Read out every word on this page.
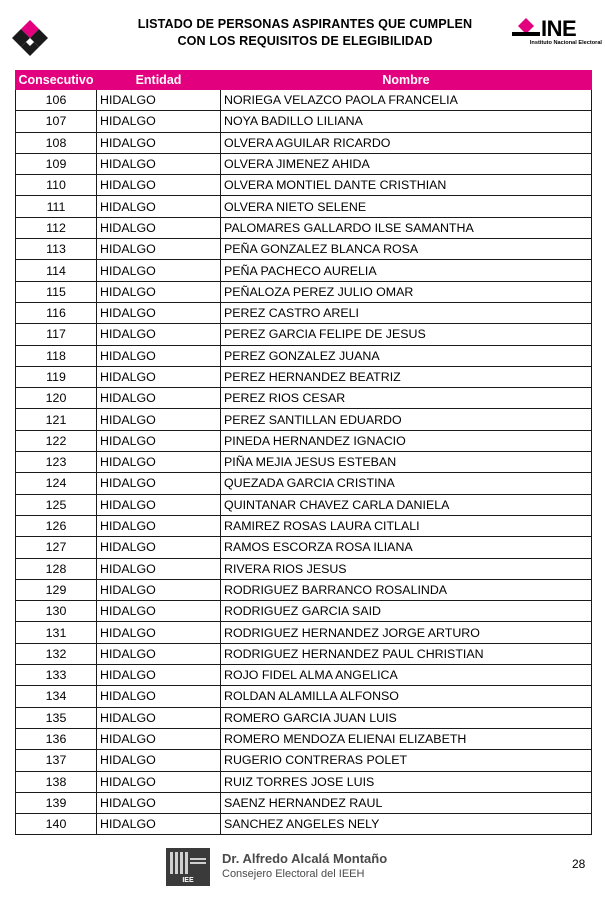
LISTADO DE PERSONAS ASPIRANTES QUE CUMPLEN
CON LOS REQUISITOS DE ELEGIBILIDAD	INE
Instituto Nacional Electoral
Consecutivo	Entidad	Nombre
106	HIDALGO	NORIEGA VELAZCO PAOLA FRANCELIA
107	HIDALGO	NOYA BADILLO LILIANA
108	HIDALGO	OLVERA AGUILAR RICARDO
109	HIDALGO	OLVERA JIMENEZ AHIDA
110	HIDALGO	OLVERA MONTIEL DANTE CRISTHIAN
111	HIDALGO	OLVERA NIETO SELENE
112	HIDALGO	PALOMARES GALLARDO ILSE SAMANTHA
113	HIDALGO	PEÑA GONZALEZ BLANCA ROSA
114	HIDALGO	PEÑA PACHECO AURELIA
115	HIDALGO	PEÑALOZA PEREZ JULIO OMAR
116	HIDALGO	PEREZ CASTRO ARELI
117	HIDALGO	PEREZ GARCIA FELIPE DE JESUS
118	HIDALGO	PEREZ GONZALEZ JUANA
119	HIDALGO	PEREZ HERNANDEZ BEATRIZ
120	HIDALGO	PEREZ RIOS CESAR
121	HIDALGO	PEREZ SANTILLAN EDUARDO
122	HIDALGO	PINEDA HERNANDEZ IGNACIO
123	HIDALGO	PIÑA MEJIA JESUS ESTEBAN
124	HIDALGO	QUEZADA GARCIA CRISTINA
125	HIDALGO	QUINTANAR CHAVEZ CARLA DANIELA
126	HIDALGO	RAMIREZ ROSAS LAURA CITLALI
127	HIDALGO	RAMOS ESCORZA ROSA ILIANA
128	HIDALGO	RIVERA RIOS JESUS
129	HIDALGO	RODRIGUEZ BARRANCO ROSALINDA
130	HIDALGO	RODRIGUEZ GARCIA SAID
131	HIDALGO	RODRIGUEZ HERNANDEZ JORGE ARTURO
132	HIDALGO	RODRIGUEZ HERNANDEZ PAUL CHRISTIAN
133	HIDALGO	ROJO FIDEL ALMA ANGELICA
134	HIDALGO	ROLDAN ALAMILLA ALFONSO
135	HIDALGO	ROMERO GARCIA JUAN LUIS
136	HIDALGO	ROMERO MENDOZA ELIENAI ELIZABETH
137	HIDALGO	RUGERIO CONTRERAS POLET
138	HIDALGO	RUIZ TORRES JOSE LUIS
139	HIDALGO	SAENZ HERNANDEZ RAUL
140	HIDALGO	SANCHEZ ANGELES NELY
IEE
Dr. Alfredo Alcalá Montaño
Consejero Electoral del IEEH
28
